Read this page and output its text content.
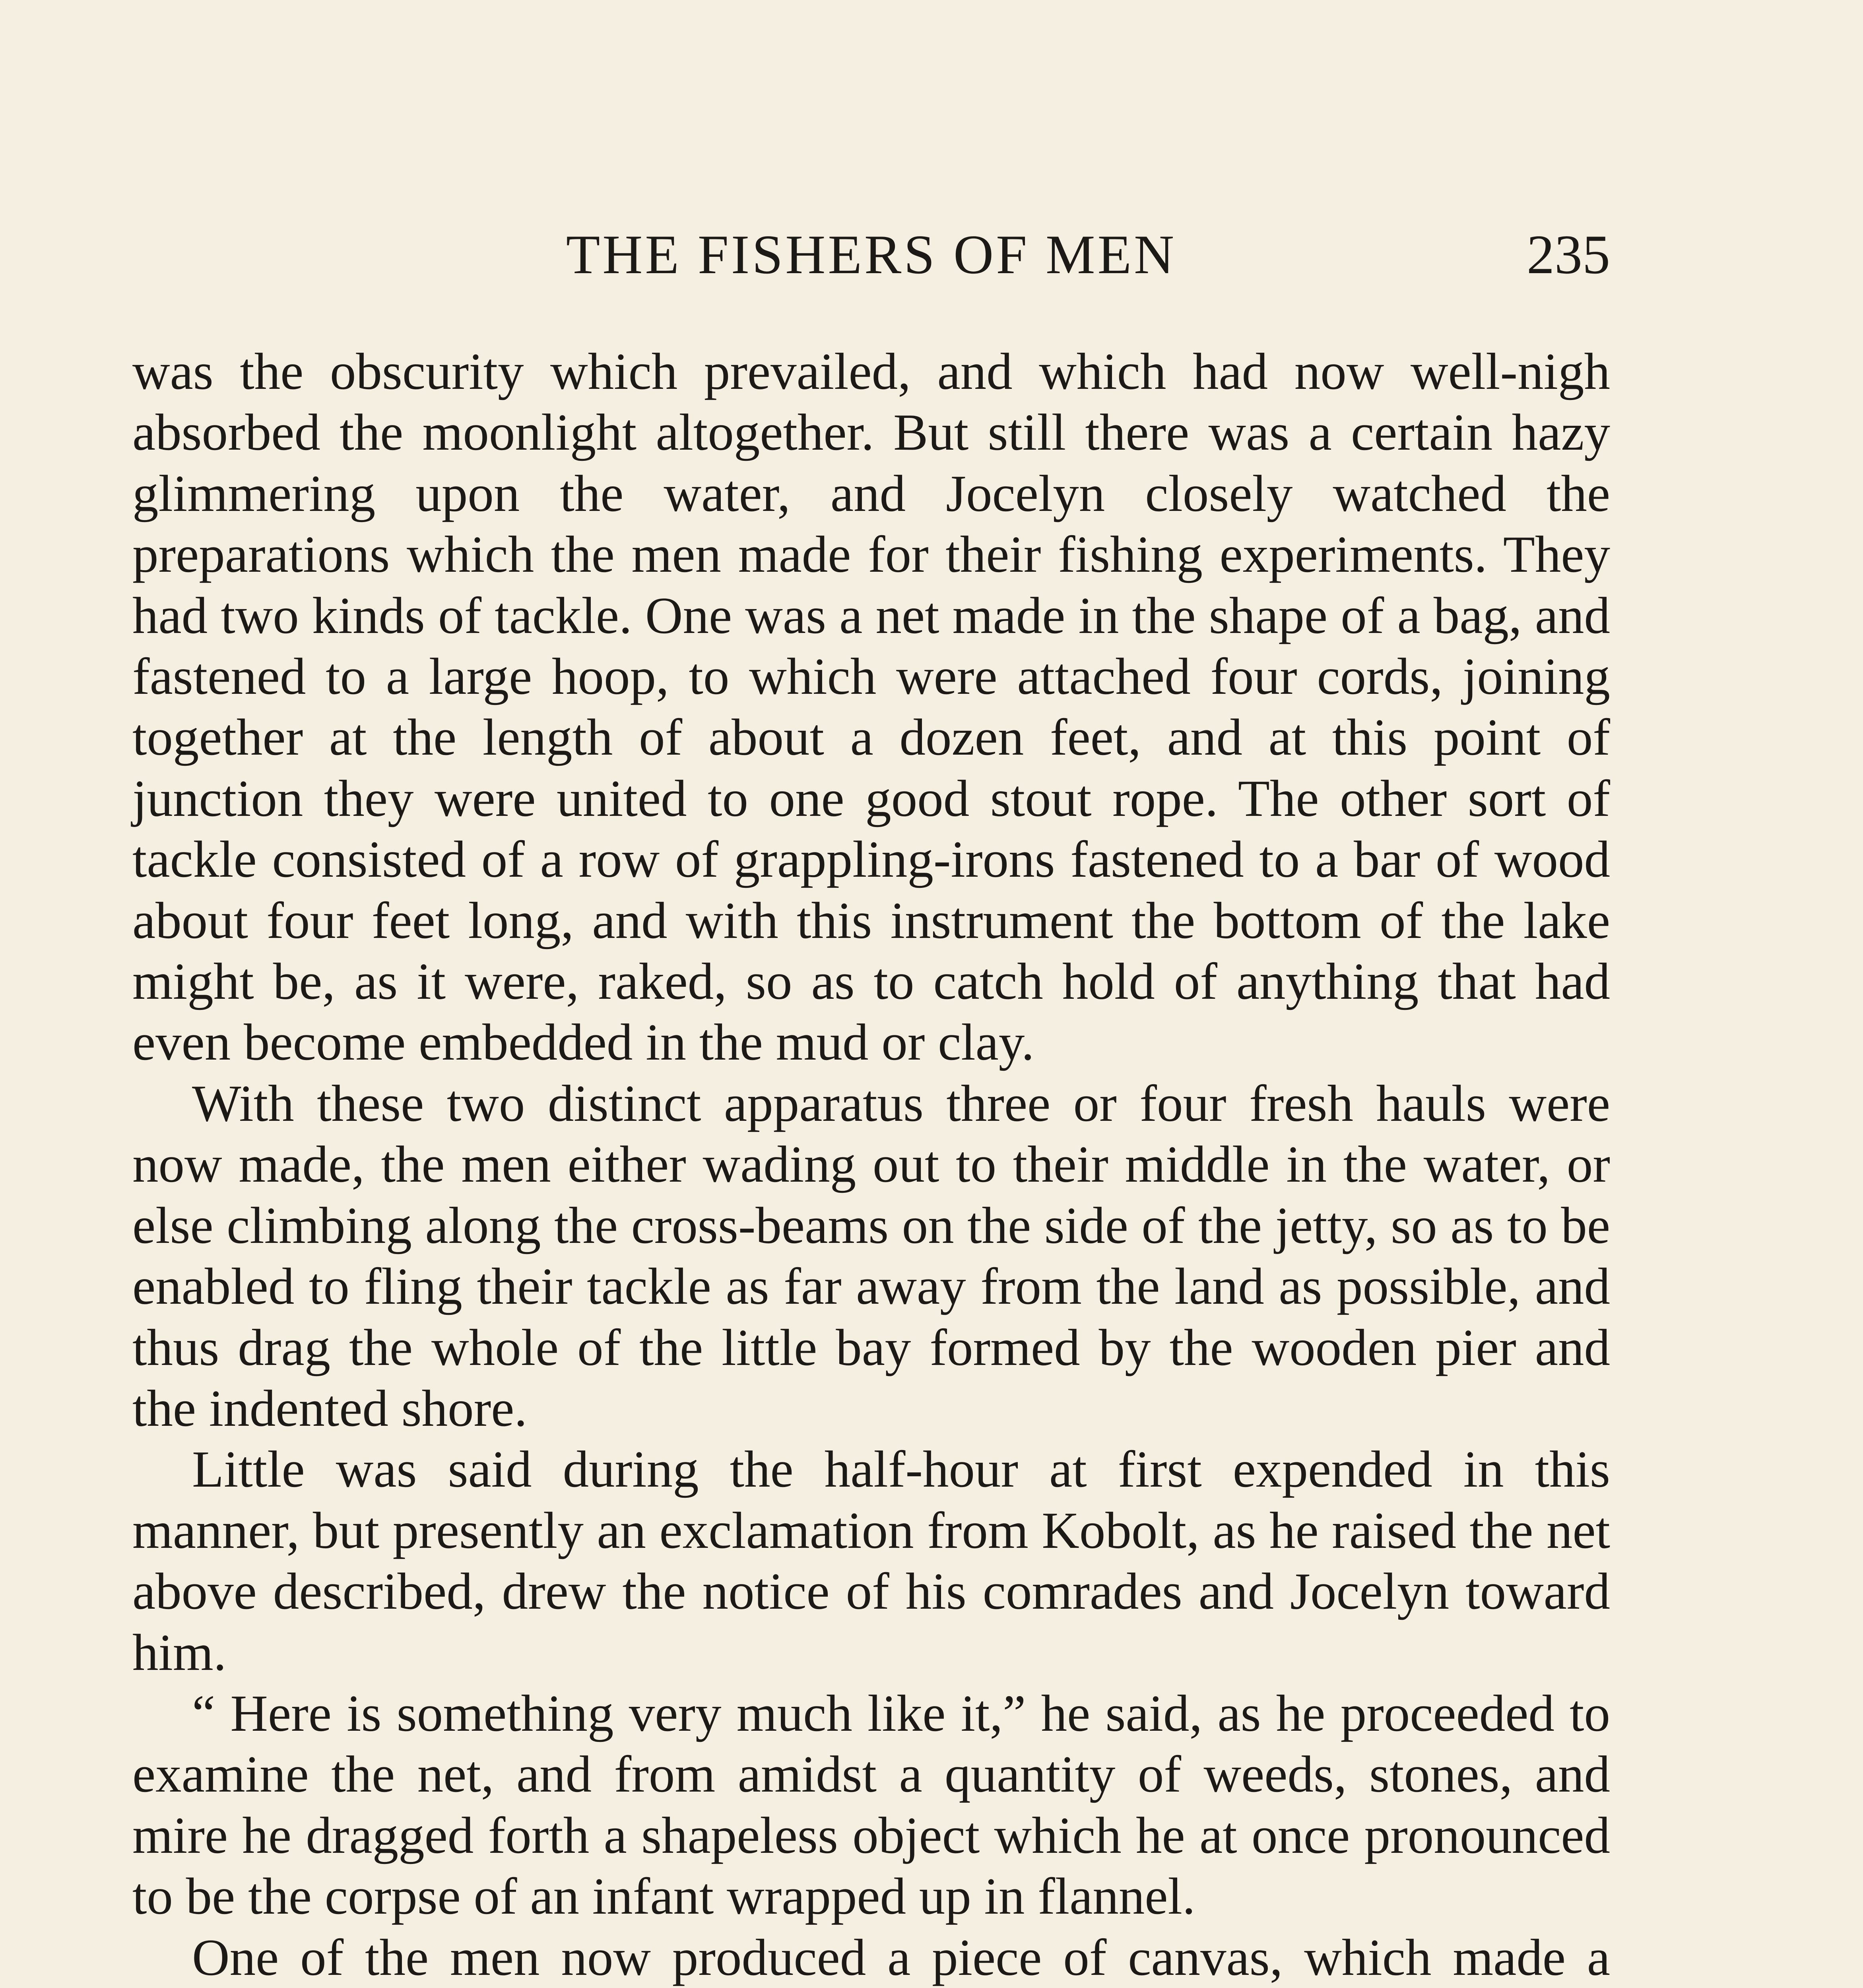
THE FISHERS OF MEN	235

was the obscurity which prevailed, and which had now well-nigh absorbed the moonlight altogether. But still there was a certain hazy glimmering upon the water, and Jocelyn closely watched the preparations which the men made for their fishing experiments. They had two kinds of tackle. One was a net made in the shape of a bag, and fastened to a large hoop, to which were attached four cords, joining together at the length of about a dozen feet, and at this point of junction they were united to one good stout rope. The other sort of tackle consisted of a row of grappling-irons fastened to a bar of wood about four feet long, and with this instrument the bottom of the lake might be, as it were, raked, so as to catch hold of anything that had even become embedded in the mud or clay.

With these two distinct apparatus three or four fresh hauls were now made, the men either wading out to their middle in the water, or else climbing along the cross-beams on the side of the jetty, so as to be enabled to fling their tackle as far away from the land as possible, and thus drag the whole of the little bay formed by the wooden pier and the indented shore.

Little was said during the half-hour at first expended in this manner, but presently an exclamation from Kobolt, as he raised the net above described, drew the notice of his comrades and Jocelyn toward him.

“ Here is something very much like it,” he said, as he proceeded to examine the net, and from amidst a quantity of weeds, stones, and mire he dragged forth a shapeless object which he at once pronounced to be the corpse of an infant wrapped up in flannel.

One of the men now produced a piece of canvas, which made a
